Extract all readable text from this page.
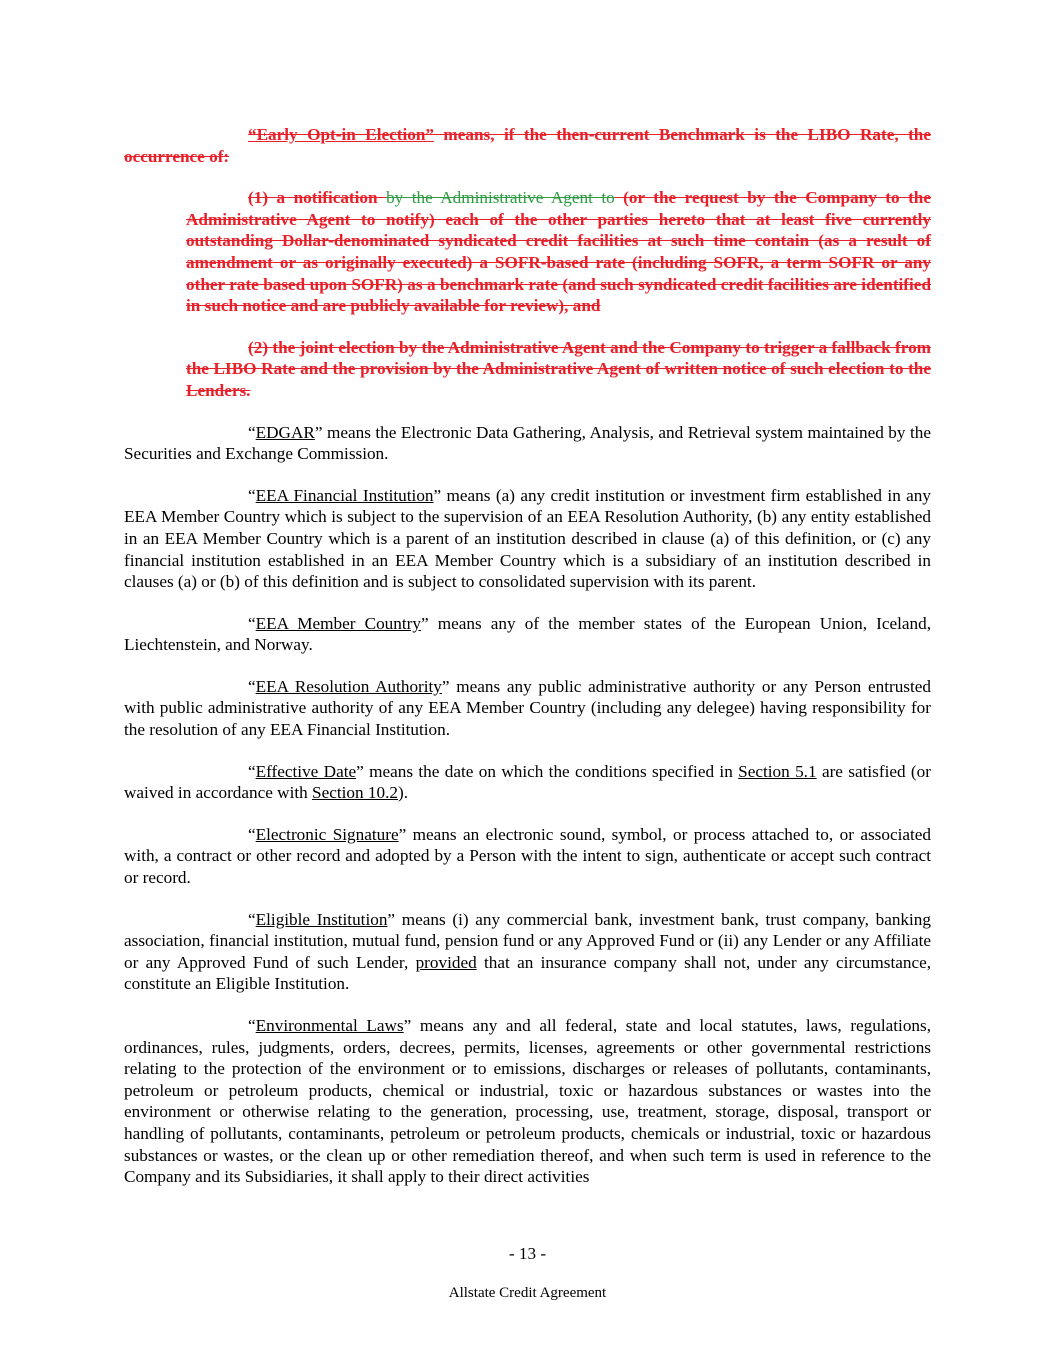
“Early Opt-in Election” means, if the then-current Benchmark is the LIBO Rate, the occurrence of:

(1) a notification by the Administrative Agent to (or the request by the Company to the Administrative Agent to notify) each of the other parties hereto that at least five currently outstanding Dollar-denominated syndicated credit facilities at such time contain (as a result of amendment or as originally executed) a SOFR-based rate (including SOFR, a term SOFR or any other rate based upon SOFR) as a benchmark rate (and such syndicated credit facilities are identified in such notice and are publicly available for review), and

(2) the joint election by the Administrative Agent and the Company to trigger a fallback from the LIBO Rate and the provision by the Administrative Agent of written notice of such election to the Lenders.

“EDGAR” means the Electronic Data Gathering, Analysis, and Retrieval system maintained by the Securities and Exchange Commission.

“EEA Financial Institution” means (a) any credit institution or investment firm established in any EEA Member Country which is subject to the supervision of an EEA Resolution Authority, (b) any entity established in an EEA Member Country which is a parent of an institution described in clause (a) of this definition, or (c) any financial institution established in an EEA Member Country which is a subsidiary of an institution described in clauses (a) or (b) of this definition and is subject to consolidated supervision with its parent.

“EEA Member Country” means any of the member states of the European Union, Iceland, Liechtenstein, and Norway.

“EEA Resolution Authority” means any public administrative authority or any Person entrusted with public administrative authority of any EEA Member Country (including any delegee) having responsibility for the resolution of any EEA Financial Institution.

“Effective Date” means the date on which the conditions specified in Section 5.1 are satisfied (or waived in accordance with Section 10.2).

“Electronic Signature” means an electronic sound, symbol, or process attached to, or associated with, a contract or other record and adopted by a Person with the intent to sign, authenticate or accept such contract or record.

“Eligible Institution” means (i) any commercial bank, investment bank, trust company, banking association, financial institution, mutual fund, pension fund or any Approved Fund or (ii) any Lender or any Affiliate or any Approved Fund of such Lender, provided that an insurance company shall not, under any circumstance, constitute an Eligible Institution.

“Environmental Laws” means any and all federal, state and local statutes, laws, regulations, ordinances, rules, judgments, orders, decrees, permits, licenses, agreements or other governmental restrictions relating to the protection of the environment or to emissions, discharges or releases of pollutants, contaminants, petroleum or petroleum products, chemical or industrial, toxic or hazardous substances or wastes into the environment or otherwise relating to the generation, processing, use, treatment, storage, disposal, transport or handling of pollutants, contaminants, petroleum or petroleum products, chemicals or industrial, toxic or hazardous substances or wastes, or the clean up or other remediation thereof, and when such term is used in reference to the Company and its Subsidiaries, it shall apply to their direct activities

- 13 -
Allstate Credit Agreement
